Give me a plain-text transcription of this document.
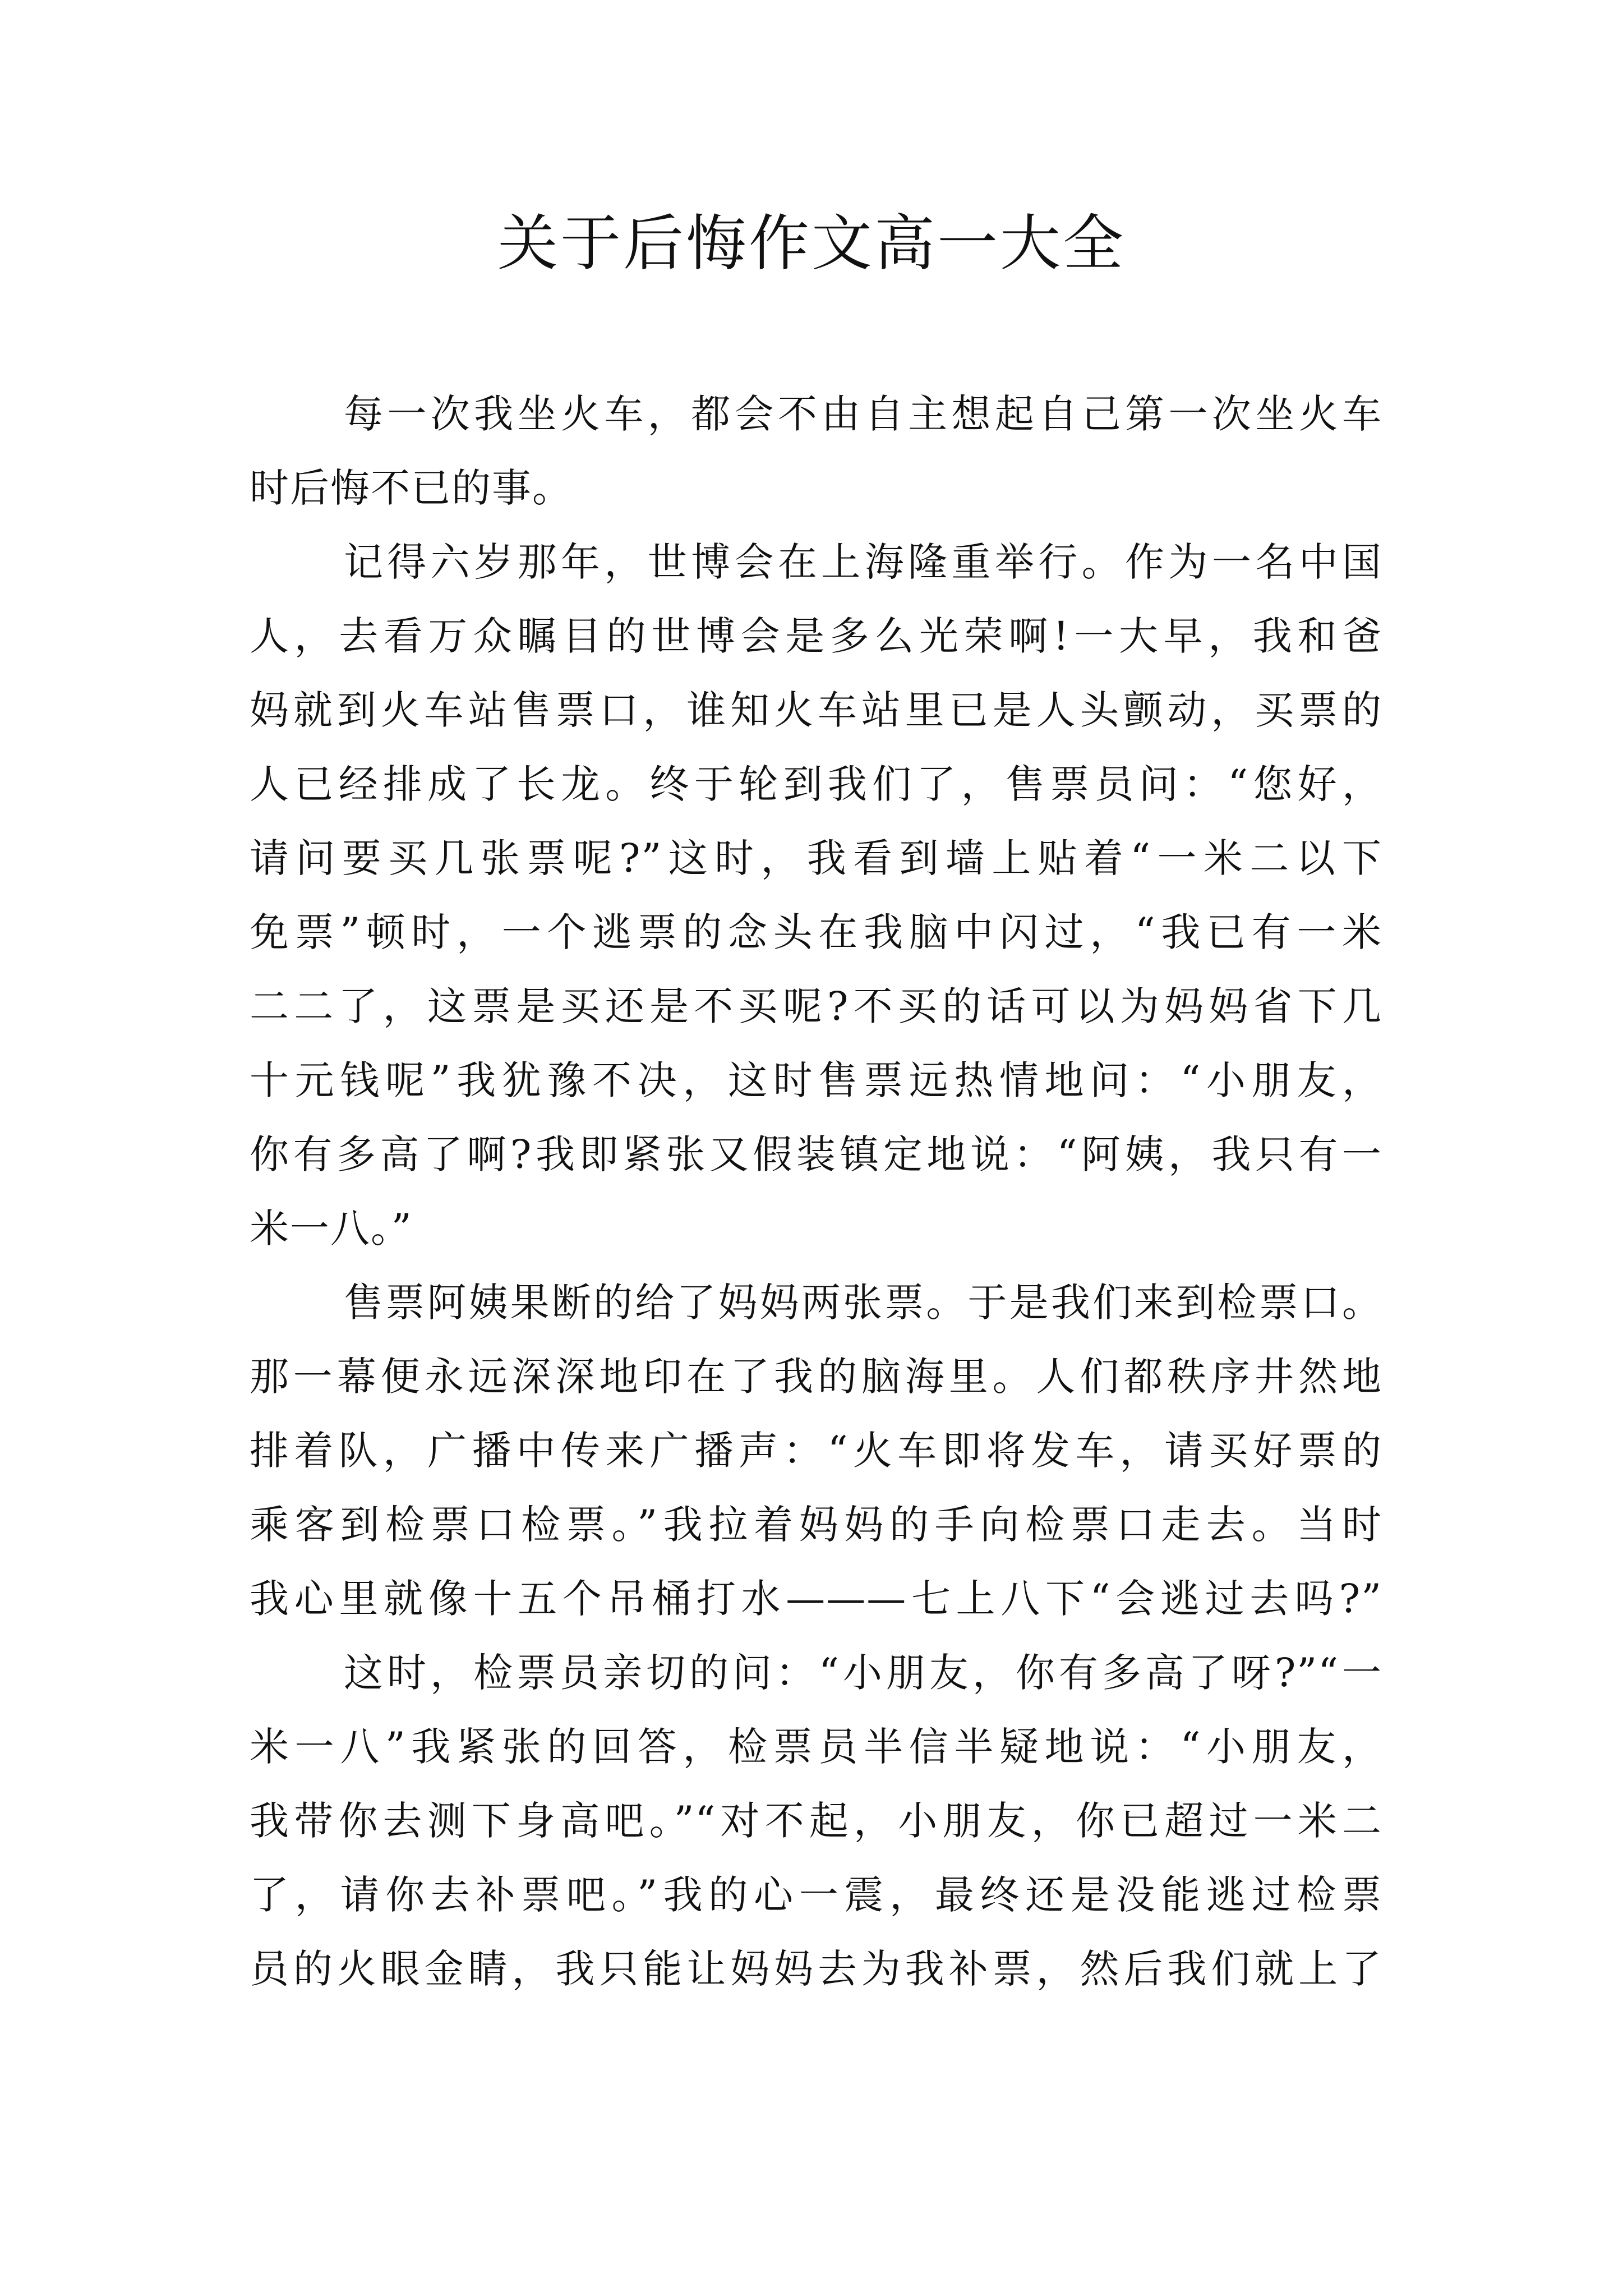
关于后悔作文高一大全
每一次我坐火车，都会不由自主想起自己第一次坐火车
时后悔不已的事。
记得六岁那年，世博会在上海隆重举行。作为一名中国
人，去看万众瞩目的世博会是多么光荣啊!一大早，我和爸
妈就到火车站售票口，谁知火车站里已是人头颤动，买票的
人已经排成了长龙。终于轮到我们了，售票员问：“您好，
请问要买几张票呢?”这时，我看到墙上贴着“一米二以下
免票”顿时，一个逃票的念头在我脑中闪过，“我已有一米
二二了，这票是买还是不买呢?不买的话可以为妈妈省下几
十元钱呢”我犹豫不决，这时售票远热情地问：“小朋友，
你有多高了啊?我即紧张又假装镇定地说：“阿姨，我只有一
米一八。”
售票阿姨果断的给了妈妈两张票。于是我们来到检票口。
那一幕便永远深深地印在了我的脑海里。人们都秩序井然地
排着队，广播中传来广播声：“火车即将发车，请买好票的
乘客到检票口检票。”我拉着妈妈的手向检票口走去。当时
我心里就像十五个吊桶打水———七上八下“会逃过去吗?”
这时，检票员亲切的问：“小朋友，你有多高了呀?”“一
米一八”我紧张的回答，检票员半信半疑地说：“小朋友，
我带你去测下身高吧。”“对不起，小朋友，你已超过一米二
了，请你去补票吧。”我的心一震，最终还是没能逃过检票
员的火眼金睛，我只能让妈妈去为我补票，然后我们就上了
